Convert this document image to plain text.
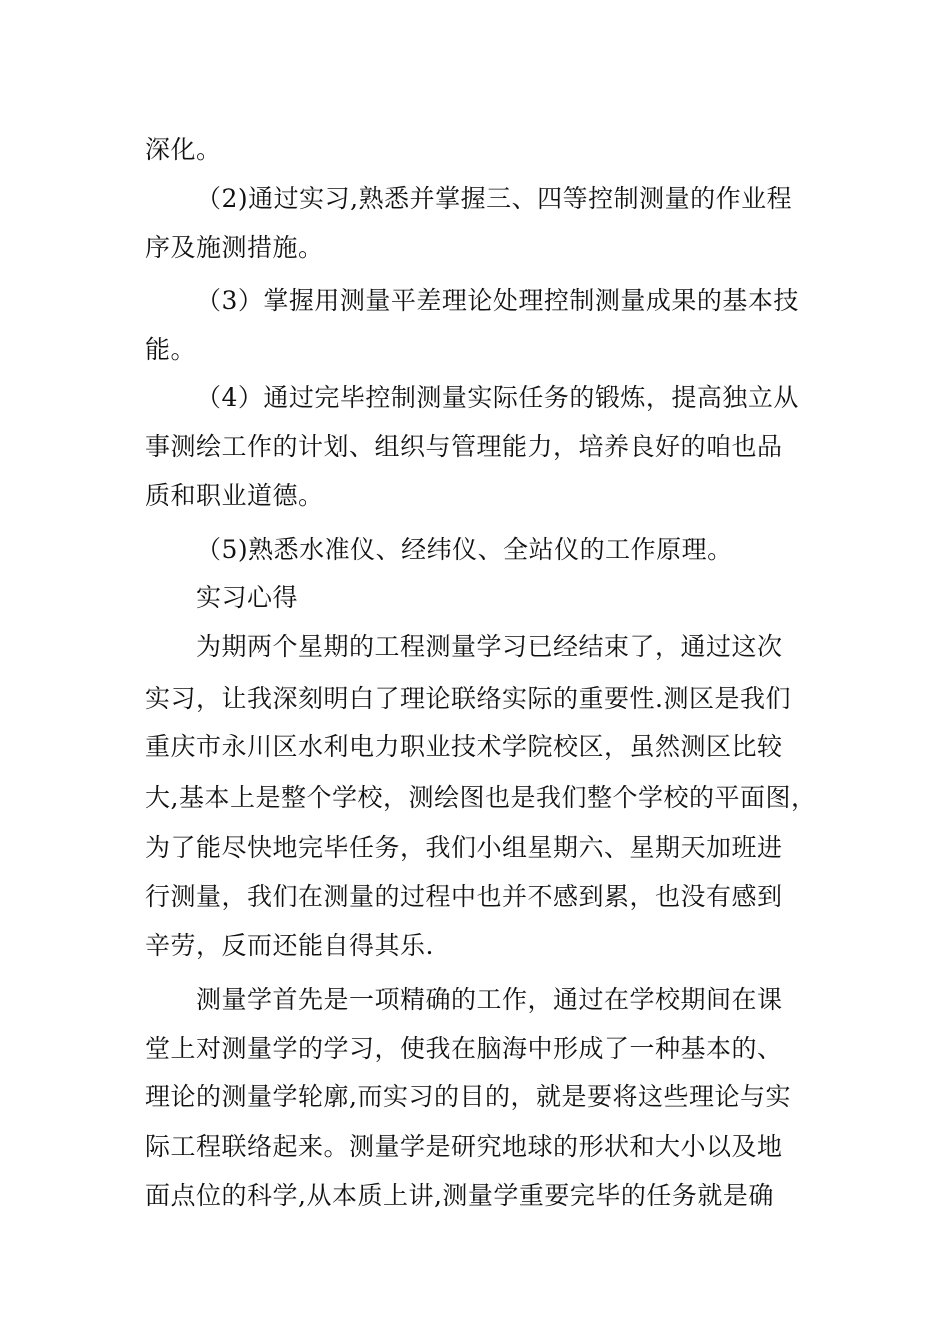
深化。
（2)通过实习,熟悉并掌握三、四等控制测量的作业程
序及施测措施。
（3）掌握用测量平差理论处理控制测量成果的基本技
能。
（4）通过完毕控制测量实际任务的锻炼，提高独立从
事测绘工作的计划、组织与管理能力，培养良好的咱也品
质和职业道德。
（5)熟悉水准仪、经纬仪、全站仪的工作原理。
实习心得
为期两个星期的工程测量学习已经结束了，通过这次
实习，让我深刻明白了理论联络实际的重要性.测区是我们
重庆市永川区水利电力职业技术学院校区，虽然测区比较
大,基本上是整个学校，测绘图也是我们整个学校的平面图，
为了能尽快地完毕任务，我们小组星期六、星期天加班进
行测量，我们在测量的过程中也并不感到累，也没有感到
辛劳，反而还能自得其乐.
测量学首先是一项精确的工作，通过在学校期间在课
堂上对测量学的学习，使我在脑海中形成了一种基本的、
理论的测量学轮廓,而实习的目的，就是要将这些理论与实
际工程联络起来。测量学是研究地球的形状和大小以及地
面点位的科学,从本质上讲,测量学重要完毕的任务就是确
